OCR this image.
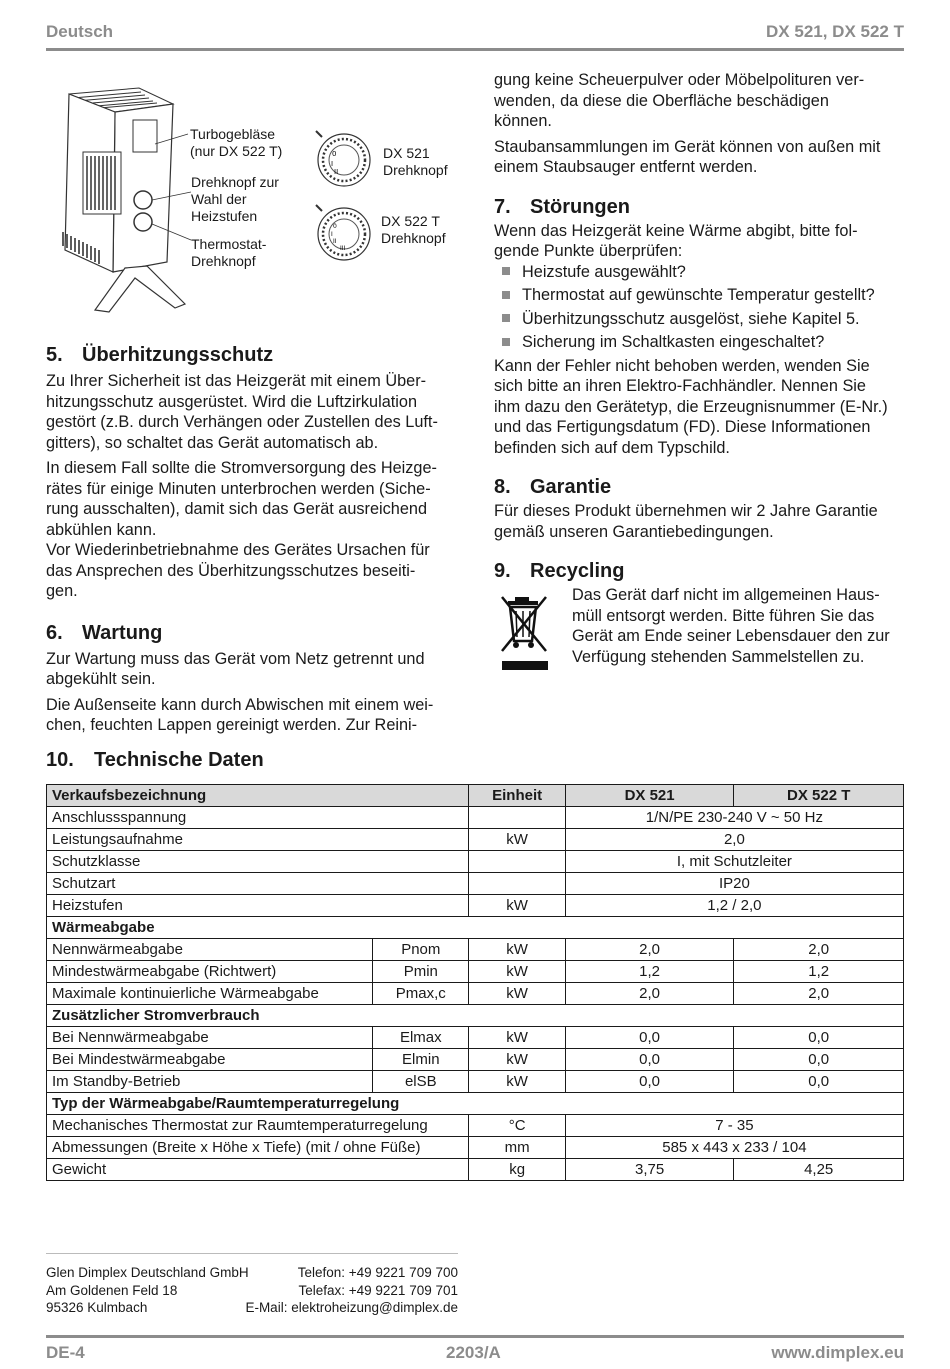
Deutsch	DX 521, DX 522 T
0
I
II
0
I
II
III
Turbogebläse
(nur DX 522 T)
Drehknopf zur
Wahl der
Heizstufen
Thermostat-
Drehknopf
DX 521
Drehknopf
DX 522 T
Drehknopf
5. Überhitzungsschutz

Zu Ihrer Sicherheit ist das Heizgerät mit einem Über-
hitzungsschutz ausgerüstet. Wird die Luftzirkulation
gestört (z.B. durch Verhängen oder Zustellen des Luft-
gitters), so schaltet das Gerät automatisch ab.

In diesem Fall sollte die Stromversorgung des Heizge-
rätes für einige Minuten unterbrochen werden (Siche-
rung ausschalten), damit sich das Gerät ausreichend
abkühlen kann.

Vor Wiederinbetriebnahme des Gerätes Ursachen für
das Ansprechen des Überhitzungsschutzes beseiti-
gen.

6. Wartung

Zur Wartung muss das Gerät vom Netz getrennt und
abgekühlt sein.

Die Außenseite kann durch Abwischen mit einem wei-
chen, feuchten Lappen gereinigt werden. Zur Reini-

gung keine Scheuerpulver oder Möbelpolituren ver-
wenden, da diese die Oberfläche beschädigen
können.

Staubansammlungen im Gerät können von außen mit
einem Staubsauger entfernt werden.

7. Störungen

Wenn das Heizgerät keine Wärme abgibt, bitte fol-
gende Punkte überprüfen:

Heizstufe ausgewählt?
Thermostat auf gewünschte Temperatur gestellt?
Überhitzungsschutz ausgelöst, siehe Kapitel 5.
Sicherung im Schaltkasten eingeschaltet?

Kann der Fehler nicht behoben werden, wenden Sie
sich bitte an ihren Elektro-Fachhändler. Nennen Sie
ihm dazu den Gerätetyp, die Erzeugnisnummer (E-Nr.)
und das Fertigungsdatum (FD). Diese Informationen
befinden sich auf dem Typschild.

8. Garantie

Für dieses Produkt übernehmen wir 2 Jahre Garantie
gemäß unseren Garantiebedingungen.

9. Recycling

Das Gerät darf nicht im allgemeinen Haus-
müll entsorgt werden. Bitte führen Sie das
Gerät am Ende seiner Lebensdauer den zur
Verfügung stehenden Sammelstellen zu.

10. Technische Daten
Verkaufsbezeichnung		Einheit	DX 521	DX 522 T
Anschlussspannung			1/N/PE 230-240 V ~ 50 Hz	
Leistungsaufnahme		kW	2,0	
Schutzklasse			I, mit Schutzleiter	
Schutzart			IP20	
Heizstufen		kW	1,2 / 2,0	
Wärmeabgabe				
Nennwärmeabgabe	Pnom	kW	2,0	2,0
Mindestwärmeabgabe (Richtwert)	Pmin	kW	1,2	1,2
Maximale kontinuierliche Wärmeabgabe	Pmax,c	kW	2,0	2,0
Zusätzlicher Stromverbrauch				
Bei Nennwärmeabgabe	Elmax	kW	0,0	0,0
Bei Mindestwärmeabgabe	Elmin	kW	0,0	0,0
Im Standby-Betrieb	elSB	kW	0,0	0,0
Typ der Wärmeabgabe/Raumtemperaturregelung				
Mechanisches Thermostat zur Raumtemperaturregelung		°C	7 - 35	
Abmessungen (Breite x Höhe x Tiefe) (mit / ohne Füße)		mm	585 x 443 x 233 / 104	
Gewicht		kg	3,75	4,25
Glen Dimplex Deutschland GmbH	Telefon: +49 9221 709 700
Am Goldenen Feld 18	Telefax: +49 9221 709 701
95326 Kulmbach	E-Mail: elektroheizung@dimplex.de
DE-4	2203/A	www.dimplex.eu
